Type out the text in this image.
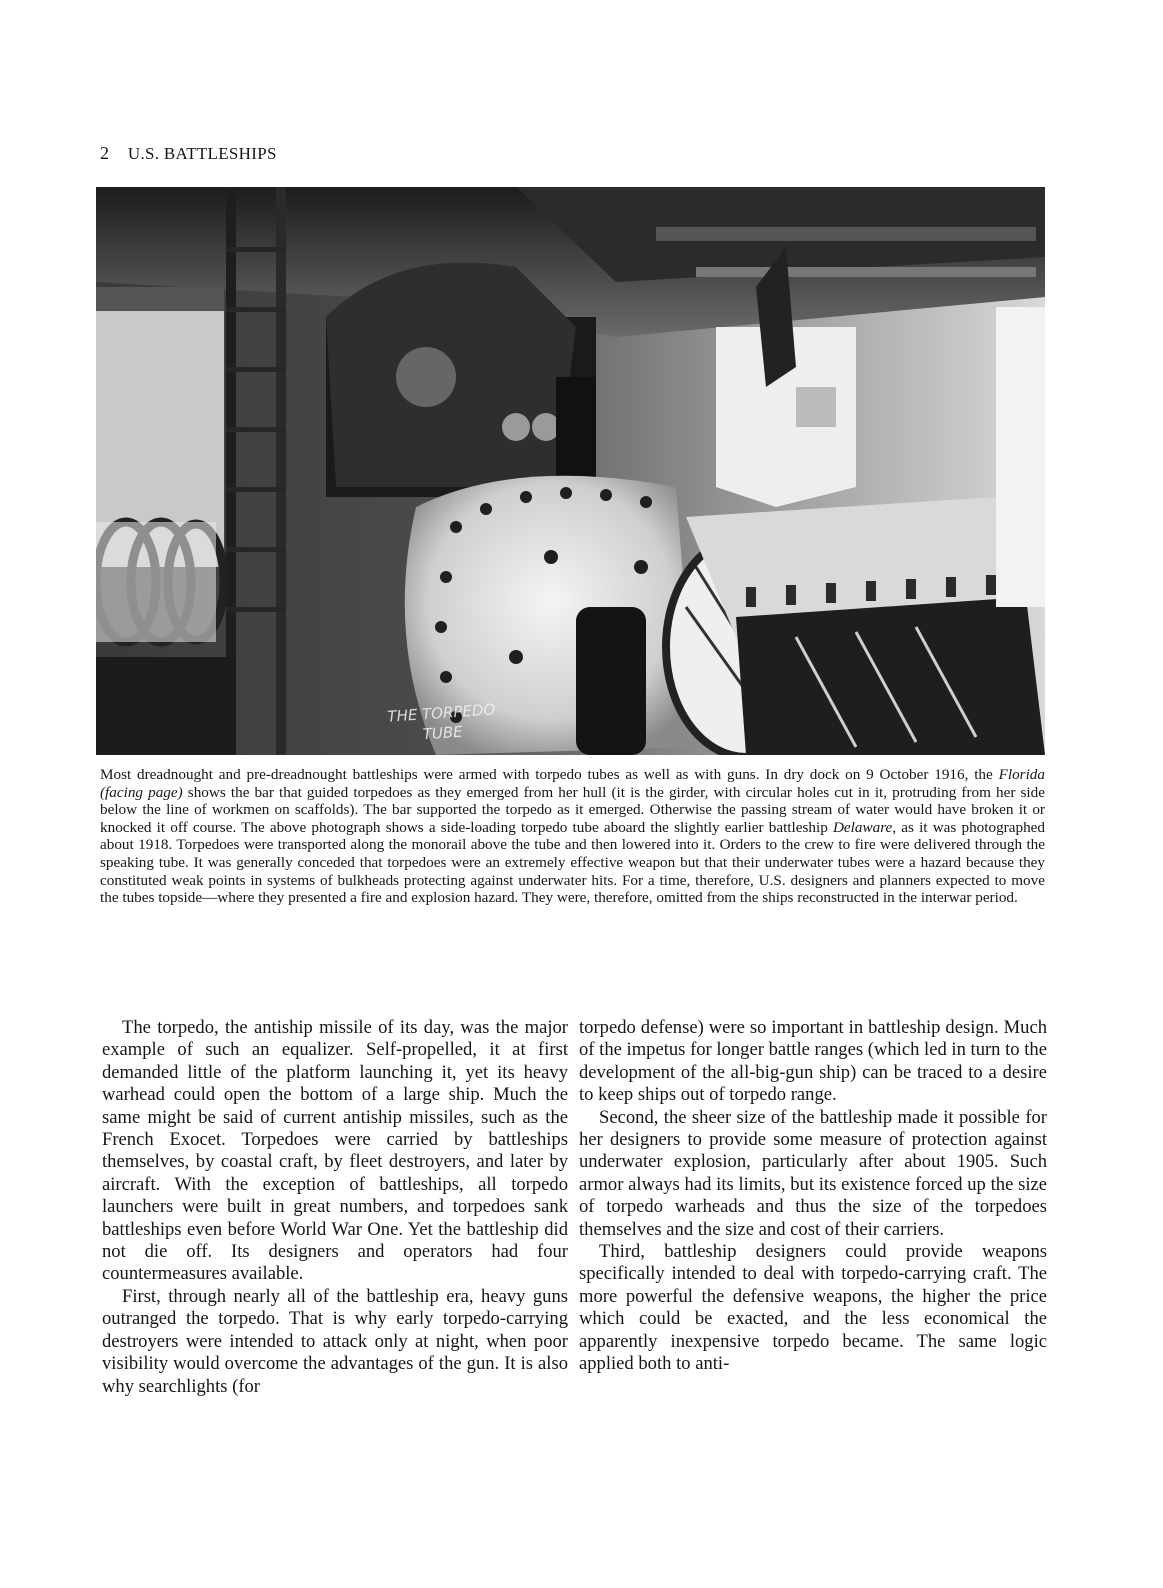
2 U.S. BATTLESHIPS
THE TORPEDO
TUBE
Most dreadnought and pre-dreadnought battleships were armed with torpedo tubes as well as with guns. In dry dock on 9 October 1916, the Florida (facing page) shows the bar that guided torpedoes as they emerged from her hull (it is the girder, with circular holes cut in it, protruding from her side below the line of workmen on scaffolds). The bar supported the torpedo as it emerged. Otherwise the passing stream of water would have broken it or knocked it off course. The above photograph shows a side-loading torpedo tube aboard the slightly earlier battleship Delaware, as it was photographed about 1918. Torpedoes were transported along the monorail above the tube and then lowered into it. Orders to the crew to fire were delivered through the speaking tube. It was generally conceded that torpedoes were an extremely effective weapon but that their underwater tubes were a hazard because they constituted weak points in systems of bulkheads protecting against underwater hits. For a time, therefore, U.S. designers and planners expected to move the tubes topside—where they presented a fire and explosion hazard. They were, therefore, omitted from the ships reconstructed in the interwar period.

The torpedo, the antiship missile of its day, was the major example of such an equalizer. Self-propelled, it at first demanded little of the platform launching it, yet its heavy warhead could open the bottom of a large ship. Much the same might be said of current antiship missiles, such as the French Exocet. Torpedoes were carried by battleships themselves, by coastal craft, by fleet destroyers, and later by aircraft. With the exception of battleships, all torpedo launchers were built in great numbers, and torpedoes sank battleships even before World War One. Yet the battleship did not die off. Its designers and operators had four countermeasures available.

First, through nearly all of the battleship era, heavy guns outranged the torpedo. That is why early torpedo-carrying destroyers were intended to attack only at night, when poor visibility would overcome the advantages of the gun. It is also why searchlights (for

torpedo defense) were so important in battleship design. Much of the impetus for longer battle ranges (which led in turn to the development of the all-big-gun ship) can be traced to a desire to keep ships out of torpedo range.

Second, the sheer size of the battleship made it possible for her designers to provide some measure of protection against underwater explosion, particularly after about 1905. Such armor always had its limits, but its existence forced up the size of torpedo warheads and thus the size of the torpedoes themselves and the size and cost of their carriers.

Third, battleship designers could provide weapons specifically intended to deal with torpedo-carrying craft. The more powerful the defensive weapons, the higher the price which could be exacted, and the less economical the apparently inexpensive torpedo became. The same logic applied both to anti-
